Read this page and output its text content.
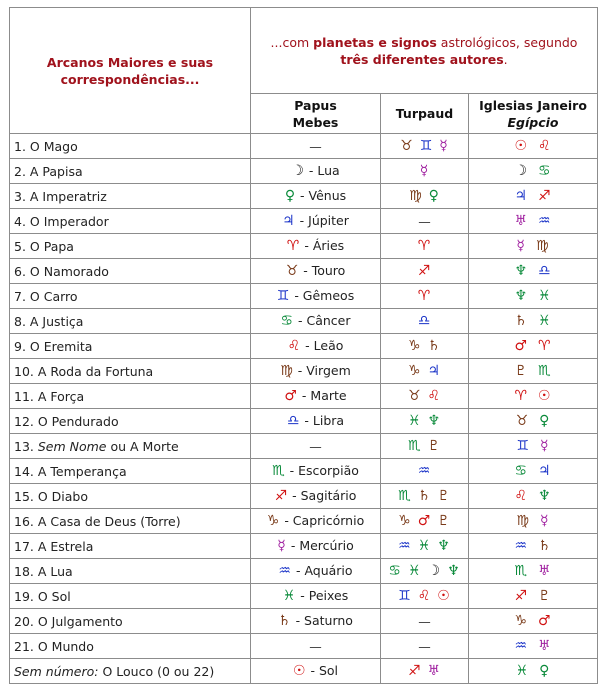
Arcanos Maiores e suas
correspondências...	...com planetas e signos astrológicos, segundo
três diferentes autores.		
	Papus
Mebes	Turpaud	Iglesias Janeiro
Egípcio
1. O Mago	—	♉ ♊ ☿	☉ ♌
2. A Papisa	☽ - Lua	☿	☽ ♋
3. A Imperatriz	♀ - Vênus	♍ ♀	♃ ♐
4. O Imperador	♃ - Júpiter	—	♅ ♒
5. O Papa	♈ - Áries	♈	☿ ♍
6. O Namorado	♉ - Touro	♐	♆ ♎
7. O Carro	♊ - Gêmeos	♈	♆ ♓
8. A Justiça	♋ - Câncer	♎	♄ ♓
9. O Eremita	♌ - Leão	♑ ♄	♂ ♈
10. A Roda da Fortuna	♍ - Virgem	♑ ♃	♇ ♏
11. A Força	♂ - Marte	♉ ♌	♈ ☉
12. O Pendurado	♎ - Libra	♓ ♆	♉ ♀
13. Sem Nome ou A Morte	—	♏ ♇	♊ ☿
14. A Temperança	♏ - Escorpião	♒	♋ ♃
15. O Diabo	♐ - Sagitário	♏ ♄ ♇	♌ ♆
16. A Casa de Deus (Torre)	♑ - Capricórnio	♑ ♂ ♇	♍ ☿
17. A Estrela	☿ - Mercúrio	♒ ♓ ♆	♒ ♄
18. A Lua	♒ - Aquário	♋ ♓ ☽ ♆	♏ ♅
19. O Sol	♓ - Peixes	♊ ♌ ☉	♐ ♇
20. O Julgamento	♄ - Saturno	—	♑ ♂
21. O Mundo	—	—	♒ ♅
Sem número: O Louco (0 ou 22)	☉ - Sol	♐ ♅	♓ ♀
